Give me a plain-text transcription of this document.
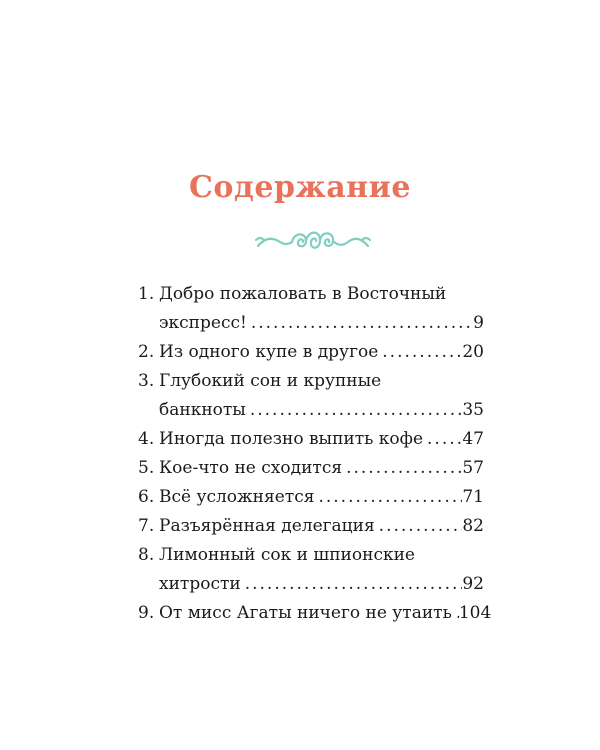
Содержание
1. Добро пожаловать в Восточный
экспресс! .....	9
2. Из одного купе в другое .....	20
3. Глубокий сон и крупные
банкноты .....	35
4. Иногда полезно выпить кофе ..... 47
5. Кое-что не сходится .....	57
6. Всё усложняется .....	71
7. Разъярённая делегация .....	82
8. Лимонный сок и шпионские
хитрости .....	92
9. От мисс Агаты ничего не утаить ..... 104
